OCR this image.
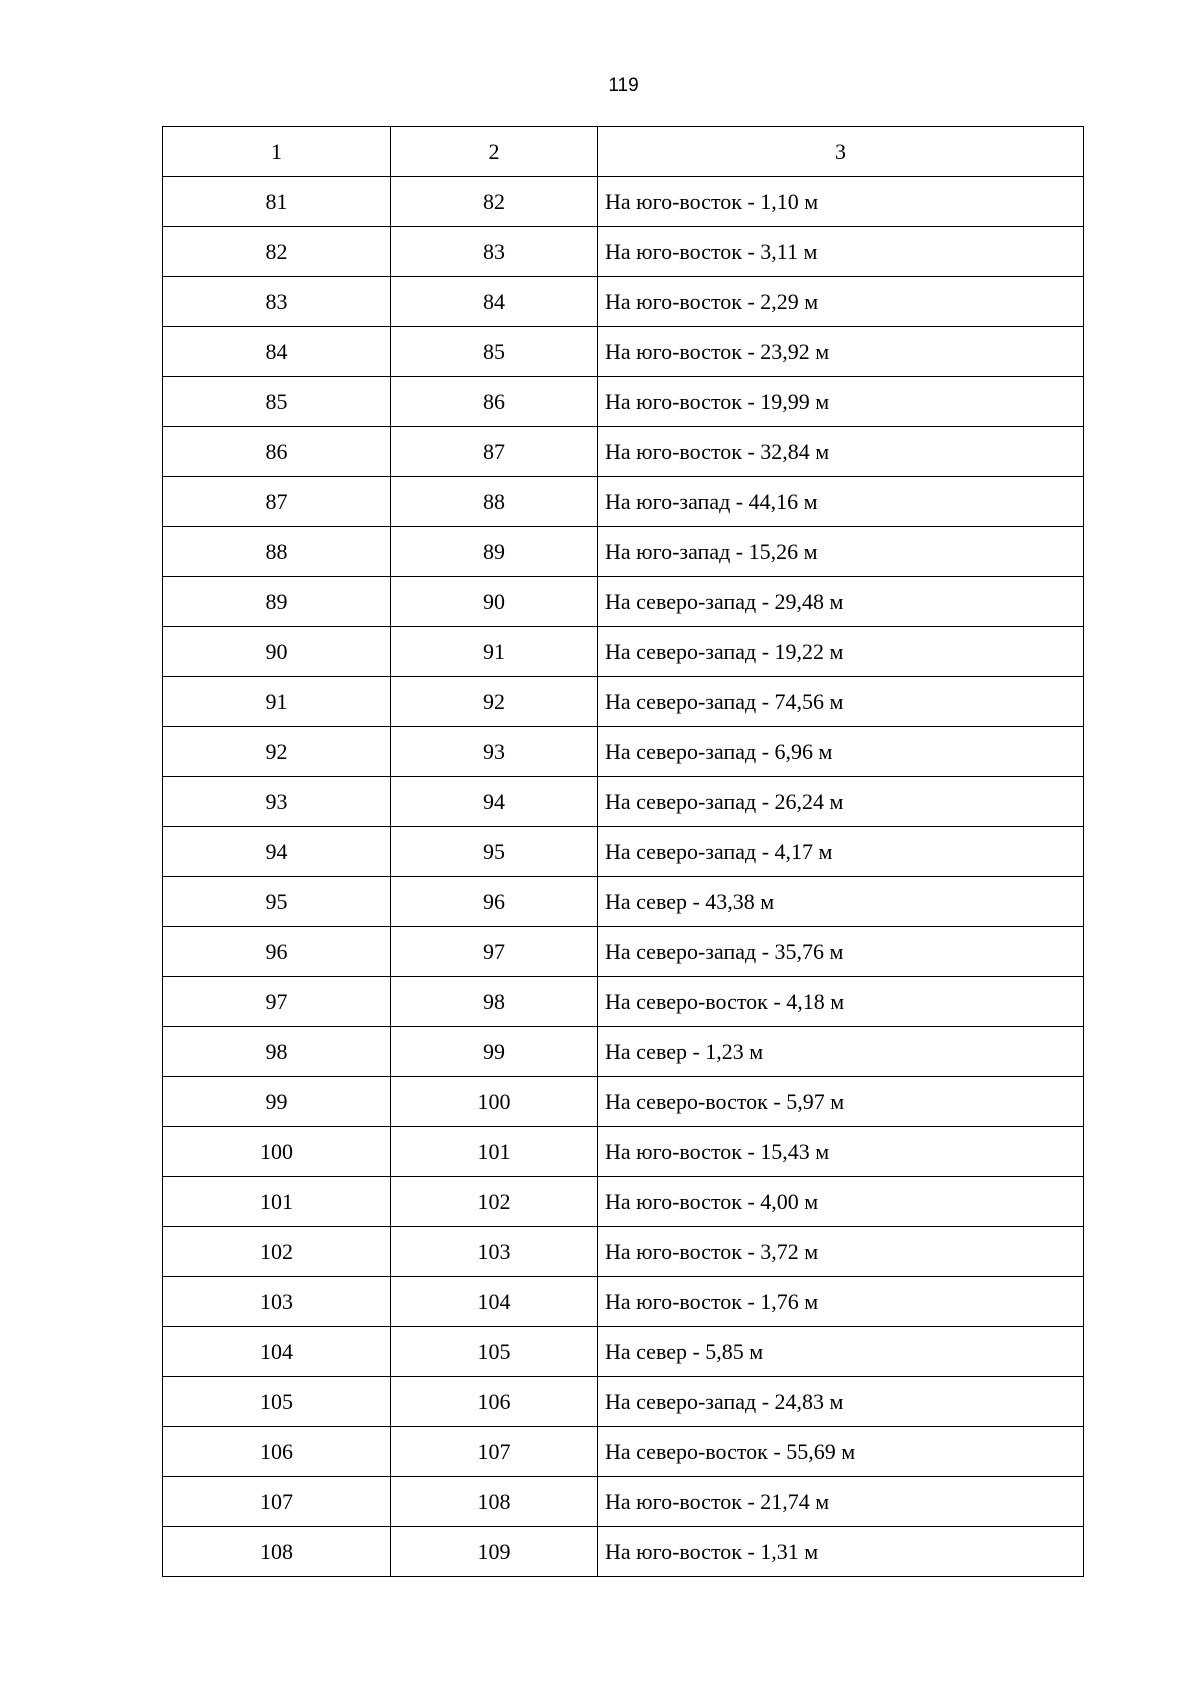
119
1	2	3
81	82	На юго-восток - 1,10 м
82	83	На юго-восток - 3,11 м
83	84	На юго-восток - 2,29 м
84	85	На юго-восток - 23,92 м
85	86	На юго-восток - 19,99 м
86	87	На юго-восток - 32,84 м
87	88	На юго-запад - 44,16 м
88	89	На юго-запад - 15,26 м
89	90	На северо-запад - 29,48 м
90	91	На северо-запад - 19,22 м
91	92	На северо-запад - 74,56 м
92	93	На северо-запад - 6,96 м
93	94	На северо-запад - 26,24 м
94	95	На северо-запад - 4,17 м
95	96	На север - 43,38 м
96	97	На северо-запад - 35,76 м
97	98	На северо-восток - 4,18 м
98	99	На север - 1,23 м
99	100	На северо-восток - 5,97 м
100	101	На юго-восток - 15,43 м
101	102	На юго-восток - 4,00 м
102	103	На юго-восток - 3,72 м
103	104	На юго-восток - 1,76 м
104	105	На север - 5,85 м
105	106	На северо-запад - 24,83 м
106	107	На северо-восток - 55,69 м
107	108	На юго-восток - 21,74 м
108	109	На юго-восток - 1,31 м
